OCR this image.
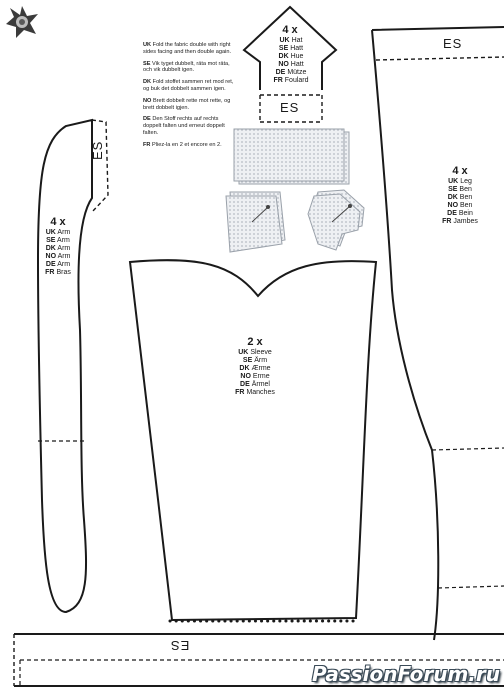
4 x
UK Hat
SE Hatt
DK Hue
NO Hatt
DE Mütze
FR Foulard
ES

UK Fold the fabric double with right sides facing and then double again.

SE Vik tyget dubbelt, räta mot räta, och vik dubbelt igen.

DK Fold stoffet sammen ret mod ret, og buk det dobbelt sammen igen.

NO Brett dobbelt rette mot rette, og brett dobbelt igjen.

DE Den Stoff rechts auf rechts doppelt falten und erneut doppelt falten.

FR Pliez-la en 2 et encore en 2.

4 x
UK Arm
SE Arm
DK Arm
NO Arm
DE Arm
FR Bras
ES
4 x
UK Leg
SE Ben
DK Ben
NO Ben
DE Bein
FR Jambes
ES
2 x
UK Sleeve
SE Ärm
DK Ærme
NO Erme
DE Ärmel
FR Manches
ES
PassionForum.ru
